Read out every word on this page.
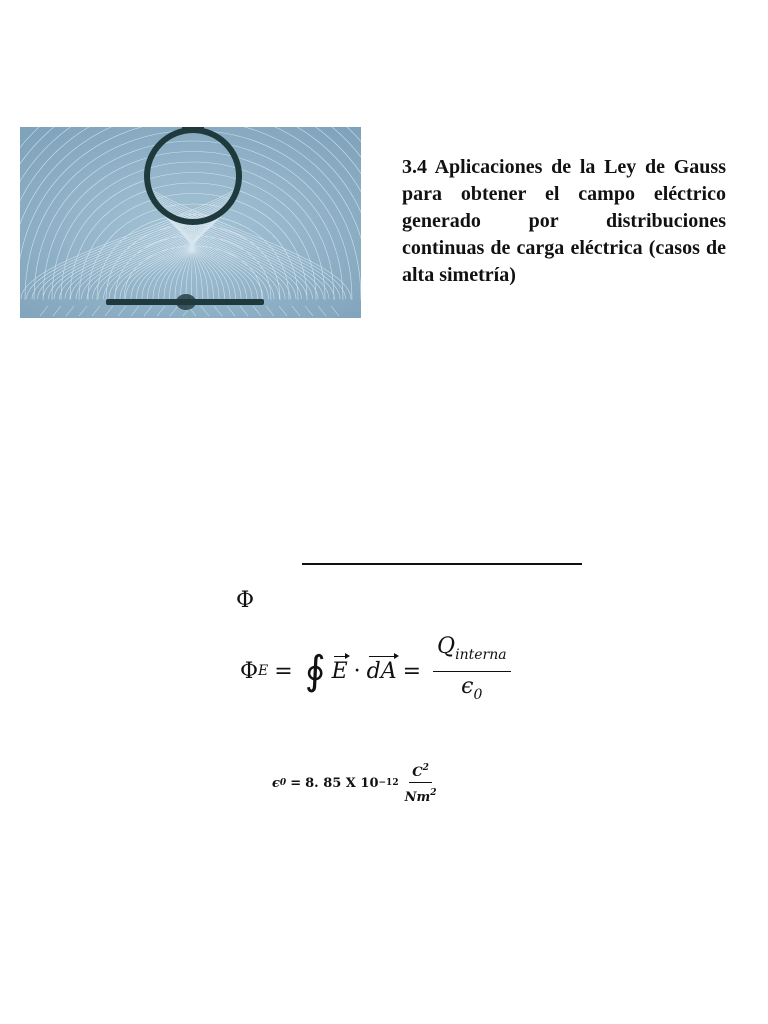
3.4 Aplicaciones de la Ley de Gauss para obtener el campo eléctrico generado por distribuciones continuas de carga eléctrica (casos de alta simetría)

Φ
Φ E = ∮ E · dA = $\frac{Q_{interna}}{\epsilon_0}$
ϵ 0 = 8. 85 X $10 -12 \frac{C^2}{Nm^2}$
